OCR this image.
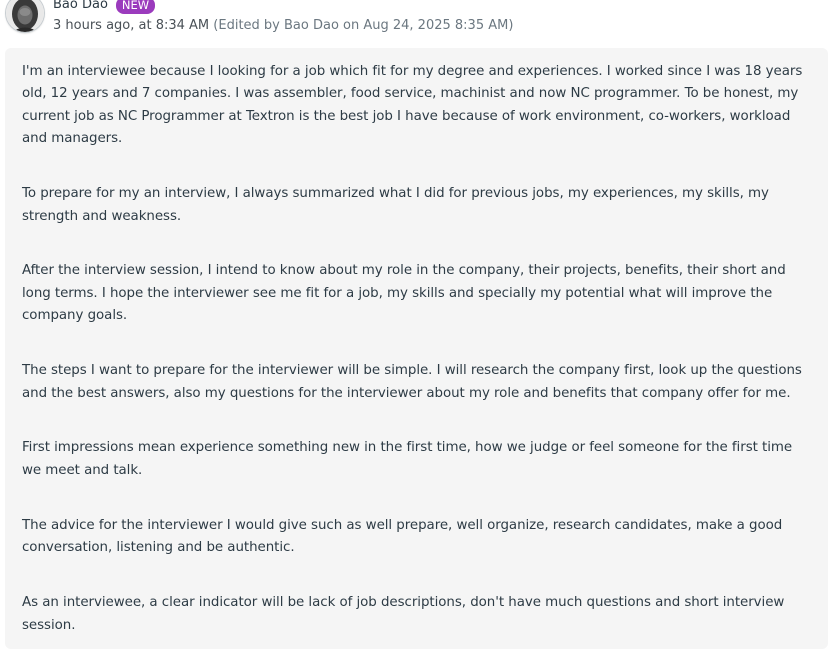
Bao Dao	NEW
3 hours ago, at 8:34 AM (Edited by Bao Dao on Aug 24, 2025 8:35 AM)

I'm an interviewee because I looking for a job which fit for my degree and experiences. I worked since I was 18 years old, 12 years and 7 companies. I was assembler, food service, machinist and now NC programmer. To be honest, my current job as NC Programmer at Textron is the best job I have because of work environment, co-workers, workload and managers.

To prepare for my an interview, I always summarized what I did for previous jobs, my experiences, my skills, my strength and weakness.

After the interview session, I intend to know about my role in the company, their projects, benefits, their short and long terms. I hope the interviewer see me fit for a job, my skills and specially my potential what will improve the company goals.

The steps I want to prepare for the interviewer will be simple. I will research the company first, look up the questions and the best answers, also my questions for the interviewer about my role and benefits that company offer for me.

First impressions mean experience something new in the first time, how we judge or feel someone for the first time we meet and talk.

The advice for the interviewer I would give such as well prepare, well organize, research candidates, make a good conversation, listening and be authentic.

As an interviewee, a clear indicator will be lack of job descriptions, don't have much questions and short interview session.
